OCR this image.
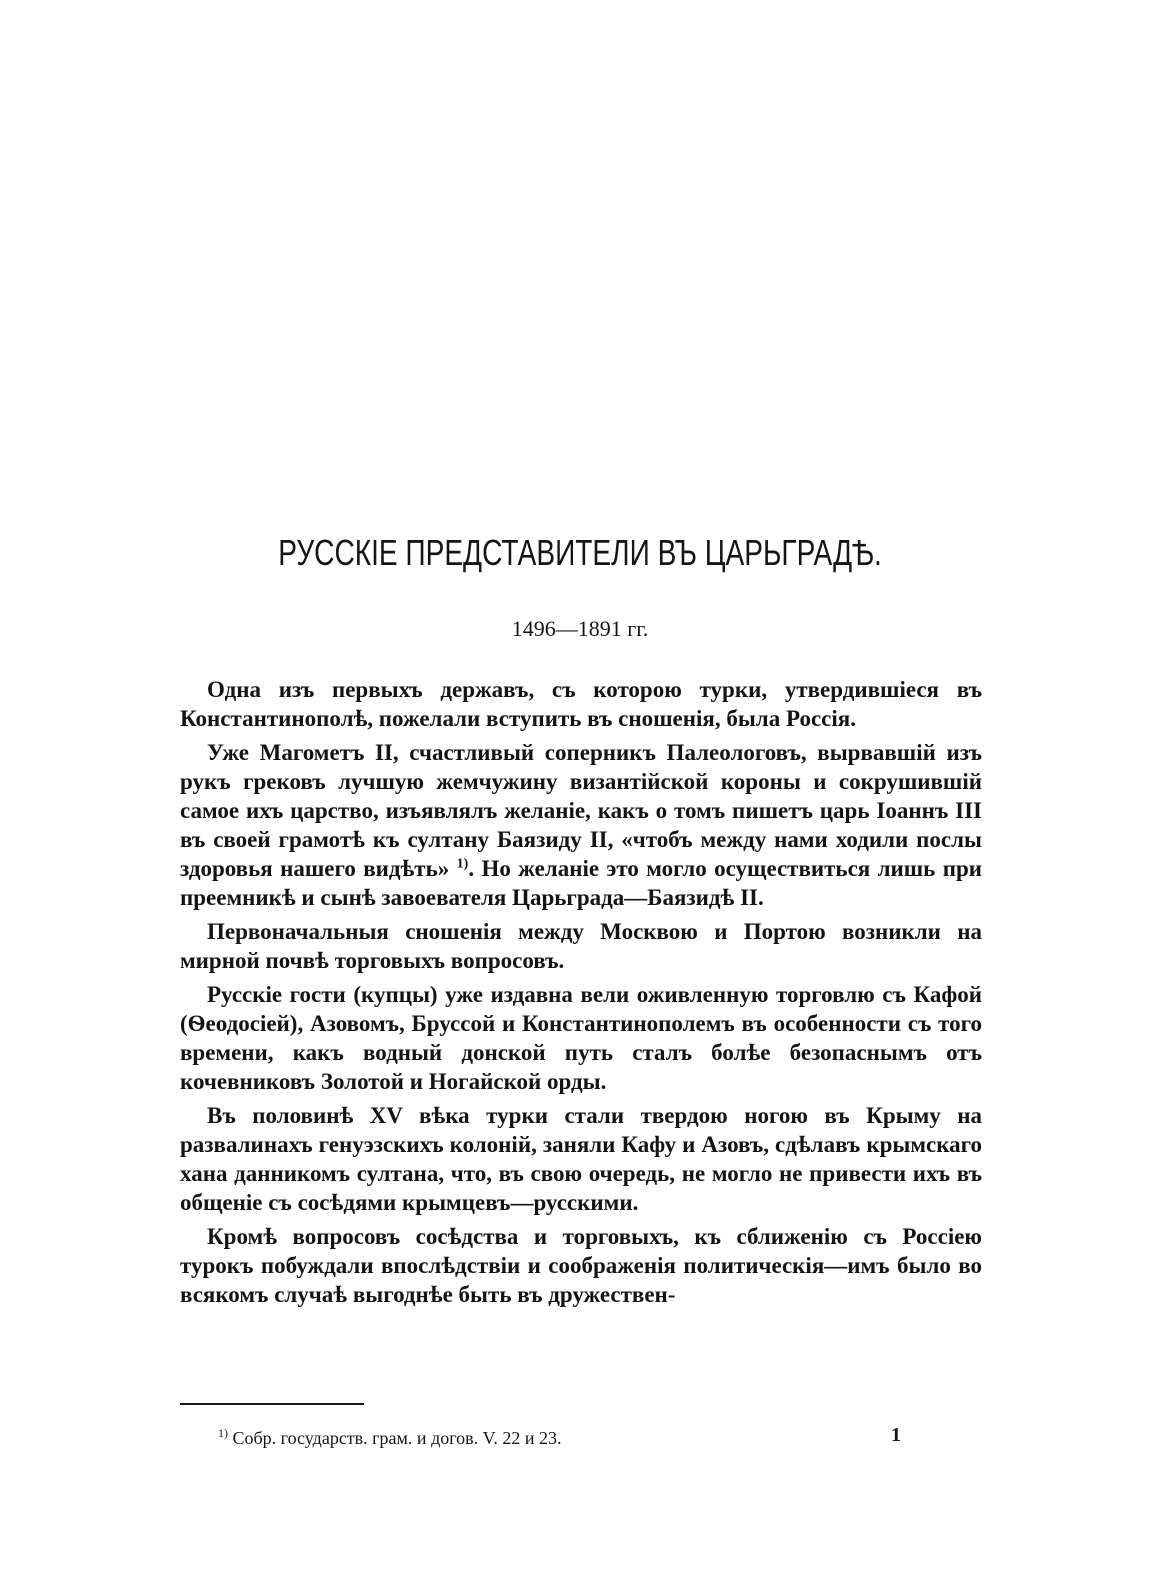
РУССКІЕ ПРЕДСТАВИТЕЛИ ВЪ ЦАРЬГРАДѢ.
1496—1891 гг.

Одна изъ первыхъ державъ, съ которою турки, утвердившіеся въ Константинополѣ, пожелали вступить въ сношенія, была Россія.

Уже Магометъ II, счастливый соперникъ Палеологовъ, вырвавшій изъ рукъ грековъ лучшую жемчужину византійской короны и сокрушившій самое ихъ царство, изъявлялъ желаніе, какъ о томъ пишетъ царь Іоаннъ III въ своей грамотѣ къ султану Баязиду II, «чтобъ между нами ходили послы здоровья нашего видѣть» $^{1)}$. Но желаніе это могло осуществиться лишь при преемникѣ и сынѣ завоевателя Царьграда—Баязидѣ II.

Первоначальныя сношенія между Москвою и Портою возникли на мирной почвѣ торговыхъ вопросовъ.

Русскіе гости (купцы) уже издавна вели оживленную торговлю съ Кафой (Ѳеодосіей), Азовомъ, Бруссой и Константинополемъ въ особенности съ того времени, какъ водный донской путь сталъ болѣе безопаснымъ отъ кочевниковъ Золотой и Ногайской орды.

Въ половинѣ XV вѣка турки стали твердою ногою въ Крыму на развалинахъ генуэзскихъ колоній, заняли Кафу и Азовъ, сдѣлавъ крымскаго хана данникомъ султана, что, въ свою очередь, не могло не привести ихъ въ общеніе съ сосѣдями крымцевъ—русскими.

Кромѣ вопросовъ сосѣдства и торговыхъ, къ сближенію съ Россіею турокъ побуждали впослѣдствіи и соображенія политическія—имъ было во всякомъ случаѣ выгоднѣе быть въ дружествен-

$^{1)}$ Собр. государств. грам. и догов. V. 22 и 23.	1
